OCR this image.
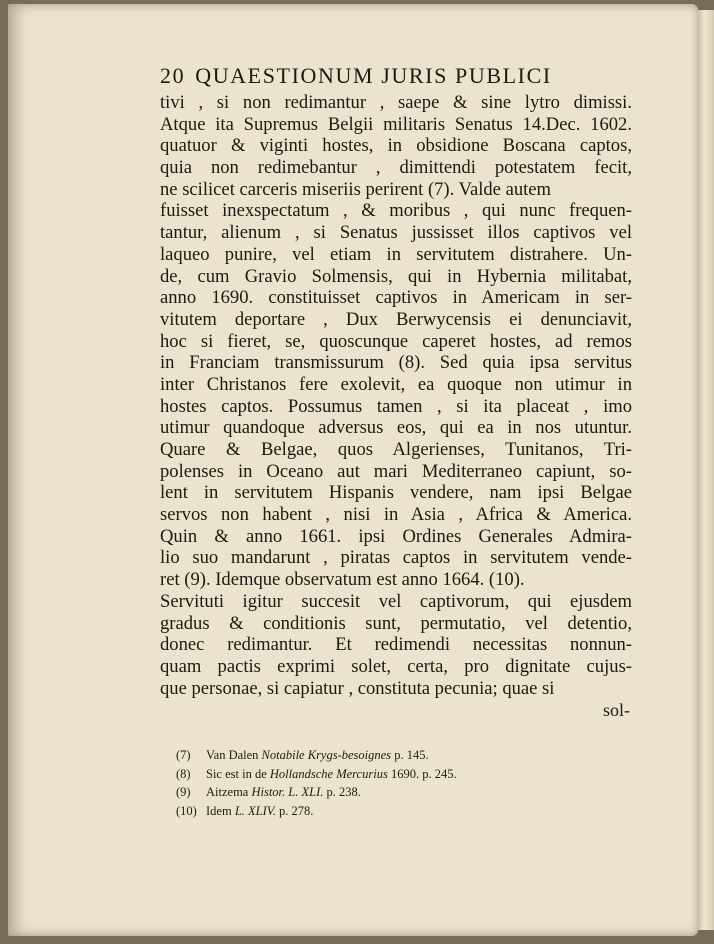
20 QUAESTIONUM JURIS PUBLICI
tivi , si non redimantur , saepe & sine lytro dimissi.
Atque ita Supremus Belgii militaris Senatus 14.Dec. 1602.
quatuor & viginti hostes, in obsidione Boscana captos,
quia non redimebantur , dimittendi potestatem fecit,
ne scilicet carceris miseriis perirent (7). Valde autem
fuisset inexspectatum , & moribus , qui nunc frequen-
tantur, alienum , si Senatus jussisset illos captivos vel
laqueo punire, vel etiam in servitutem distrahere. Un-
de, cum Gravio Solmensis, qui in Hybernia militabat,
anno 1690. constituisset captivos in Americam in ser-
vitutem deportare , Dux Berwycensis ei denunciavit,
hoc si fieret, se, quoscunque caperet hostes, ad remos
in Franciam transmissurum (8). Sed quia ipsa servitus
inter Christanos fere exolevit, ea quoque non utimur in
hostes captos. Possumus tamen , si ita placeat , imo
utimur quandoque adversus eos, qui ea in nos utuntur.
Quare & Belgae, quos Algerienses, Tunitanos, Tri-
polenses in Oceano aut mari Mediterraneo capiunt, so-
lent in servitutem Hispanis vendere, nam ipsi Belgae
servos non habent , nisi in Asia , Africa & America.
Quin & anno 1661. ipsi Ordines Generales Admira-
lio suo mandarunt , piratas captos in servitutem vende-
ret (9). Idemque observatum est anno 1664. (10).
Servituti igitur succesit vel captivorum, qui ejusdem
gradus & conditionis sunt, permutatio, vel detentio,
donec redimantur. Et redimendi necessitas nonnun-
quam pactis exprimi solet, certa, pro dignitate cujus-
que personae, si capiatur , constituta pecunia; quae si
sol-
(7) Van Dalen Notabile Krygs-besoignes p. 145.
(8) Sic est in de Hollandsche Mercurius 1690. p. 245.
(9) Aitzema Histor. L. XLI. p. 238.
(10) Idem L. XLIV. p. 278.
